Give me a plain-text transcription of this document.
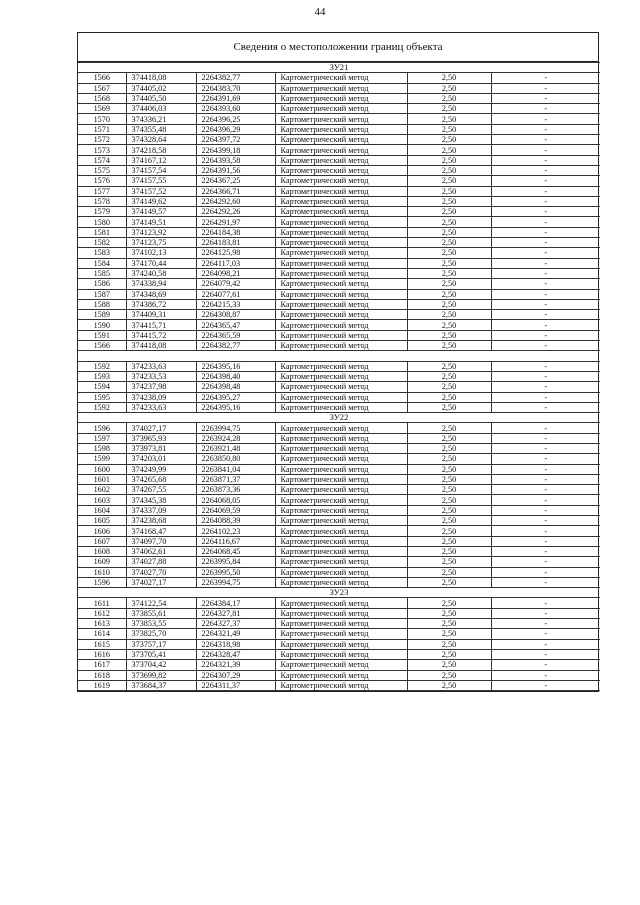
44
Сведения о местоположении границ объекта
ЗУ21					
1566	374418,08	2264382,77	Картометрический метод	2,50	-
1567	374405,02	2264383,70	Картометрический метод	2,50	-
1568	374405,50	2264391,69	Картометрический метод	2,50	-
1569	374406,03	2264393,60	Картометрический метод	2,50	-
1570	374336,21	2264396,25	Картометрический метод	2,50	-
1571	374355,48	2264396,29	Картометрический метод	2,50	-
1572	374328,64	2264397,72	Картометрический метод	2,50	-
1573	374218,58	2264399,18	Картометрический метод	2,50	-
1574	374167,12	2264393,58	Картометрический метод	2,50	-
1575	374157,54	2264391,56	Картометрический метод	2,50	-
1576	374157,55	2264367,25	Картометрический метод	2,50	-
1577	374157,52	2264366,71	Картометрический метод	2,50	-
1578	374149,62	2264292,60	Картометрический метод	2,50	-
1579	374149,57	2264292,26	Картометрический метод	2,50	-
1580	374149,51	2264291,97	Картометрический метод	2,50	-
1581	374123,92	2264184,38	Картометрический метод	2,50	-
1582	374123,75	2264183,81	Картометрический метод	2,50	-
1583	374102,13	2264125,98	Картометрический метод	2,50	-
1584	374170,44	2264117,03	Картометрический метод	2,50	-
1585	374240,58	2264098,21	Картометрический метод	2,50	-
1586	374338,94	2264079,42	Картометрический метод	2,50	-
1587	374348,69	2264077,61	Картометрический метод	2,50	-
1588	374386,72	2264215,33	Картометрический метод	2,50	-
1589	374409,31	2264308,87	Картометрический метод	2,50	-
1590	374415,71	2264365,47	Картометрический метод	2,50	-
1591	374415,72	2264365,59	Картометрический метод	2,50	-
1566	374418,08	2264382,77	Картометрический метод	2,50	-

1592	374233,63	2264395,16	Картометрический метод	2,50	-
1593	374233,53	2264398,40	Картометрический метод	2,50	-
1594	374237,98	2264398,48	Картометрический метод	2,50	-
1595	374238,09	2264395,27	Картометрический метод	2,50	-
1592	374233,63	2264395,16	Картометрический метод	2,50	-
ЗУ22					
1596	374027,17	2263994,75	Картометрический метод	2,50	-
1597	373965,93	2263924,28	Картометрический метод	2,50	-
1598	373973,81	2263921,48	Картометрический метод	2,50	-
1599	374203,01	2263850,80	Картометрический метод	2,50	-
1600	374249,99	2263841,04	Картометрический метод	2,50	-
1601	374265,68	2263871,37	Картометрический метод	2,50	-
1602	374267,55	2263873,36	Картометрический метод	2,50	-
1603	374345,38	2264068,05	Картометрический метод	2,50	-
1604	374337,09	2264069,59	Картометрический метод	2,50	-
1605	374238,68	2264088,39	Картометрический метод	2,50	-
1606	374168,47	2264102,23	Картометрический метод	2,50	-
1607	374097,70	2264116,67	Картометрический метод	2,50	-
1608	374062,61	2264068,45	Картометрический метод	2,50	-
1609	374027,88	2263995,84	Картометрический метод	2,50	-
1610	374027,70	2263995,50	Картометрический метод	2,50	-
1596	374027,17	2263994,75	Картометрический метод	2,50	-
ЗУ23					
1611	374122,54	2264384,17	Картометрический метод	2,50	-
1612	373855,61	2264327,81	Картометрический метод	2,50	-
1613	373853,55	2264327,37	Картометрический метод	2,50	-
1614	373825,70	2264321,49	Картометрический метод	2,50	-
1615	373757,17	2264318,98	Картометрический метод	2,50	-
1616	373705,41	2264328,47	Картометрический метод	2,50	-
1617	373704,42	2264321,39	Картометрический метод	2,50	-
1618	373699,82	2264307,29	Картометрический метод	2,50	-
1619	373684,37	2264311,37	Картометрический метод	2,50	-
